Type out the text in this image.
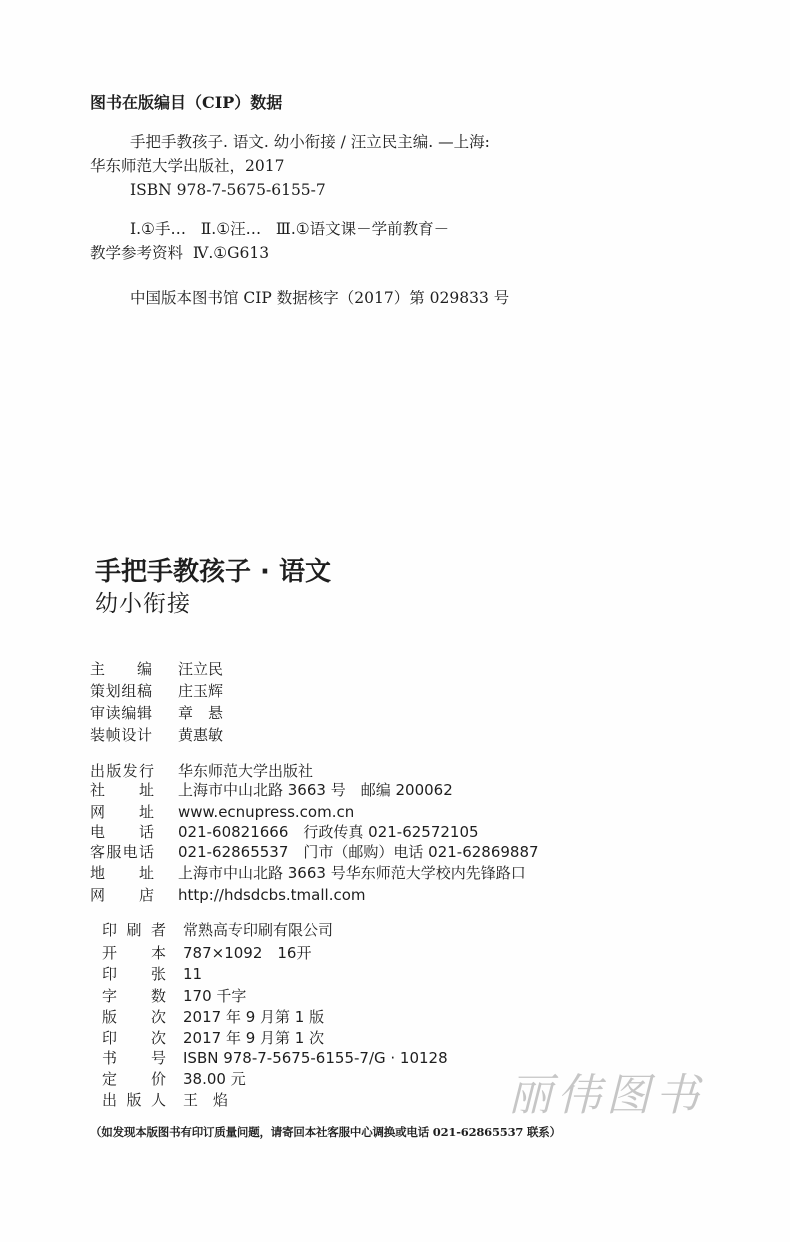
图书在版编目（CIP）数据
手把手教孩子. 语文. 幼小衔接 / 汪立民主编. —上海:
华东师范大学出版社，2017
ISBN 978-7-5675-6155-7
Ⅰ.①手…   Ⅱ.①汪…   Ⅲ.①语文课－学前教育－
教学参考资料  Ⅳ.①G613
中国版本图书馆 CIP 数据核字（2017）第 029833 号
手把手教孩子 · 语文
幼小衔接
主　编 汪立民
策划组稿 庄玉辉
审读编辑 章　悬
装帧设计 黄惠敏
出版发行 华东师范大学出版社
社　址 上海市中山北路 3663 号　邮编 200062
网　址 www.ecnupress.com.cn
电　话 021-60821666　行政传真 021-62572105
客服电话 021-62865537　门市（邮购）电话 021-62869887
地　址 上海市中山北路 3663 号华东师范大学校内先锋路口
网　店 http://hdsdcbs.tmall.com
印 刷 者 常熟高专印刷有限公司
开　本 787×1092　16开
印　张 11
字　数 170 千字
版　次 2017 年 9 月第 1 版
印　次 2017 年 9 月第 1 次
书　号 ISBN 978-7-5675-6155-7/G · 10128
定　价 38.00 元
出 版 人 王　焰	丽伟图书
（如发现本版图书有印订质量问题，请寄回本社客服中心调换或电话 021-62865537 联系）
